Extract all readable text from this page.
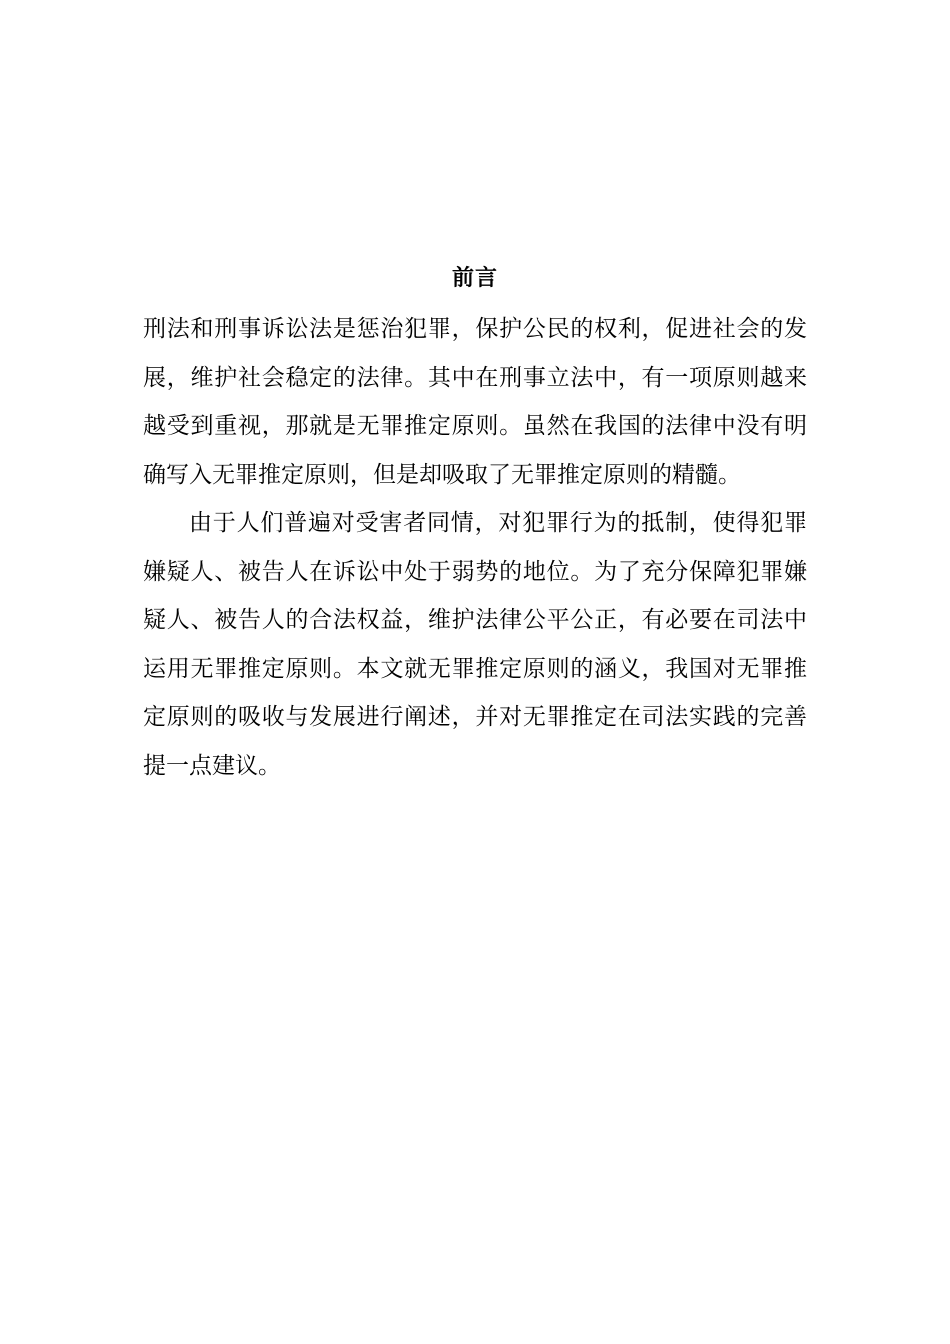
前言

刑法和刑事诉讼法是惩治犯罪，保护公民的权利，促进社会的发展，维护社会稳定的法律。其中在刑事立法中，有一项原则越来越受到重视，那就是无罪推定原则。虽然在我国的法律中没有明确写入无罪推定原则，但是却吸取了无罪推定原则的精髓。

由于人们普遍对受害者同情，对犯罪行为的抵制，使得犯罪嫌疑人、被告人在诉讼中处于弱势的地位。为了充分保障犯罪嫌疑人、被告人的合法权益，维护法律公平公正，有必要在司法中运用无罪推定原则。本文就无罪推定原则的涵义，我国对无罪推定原则的吸收与发展进行阐述，并对无罪推定在司法实践的完善提一点建议。
